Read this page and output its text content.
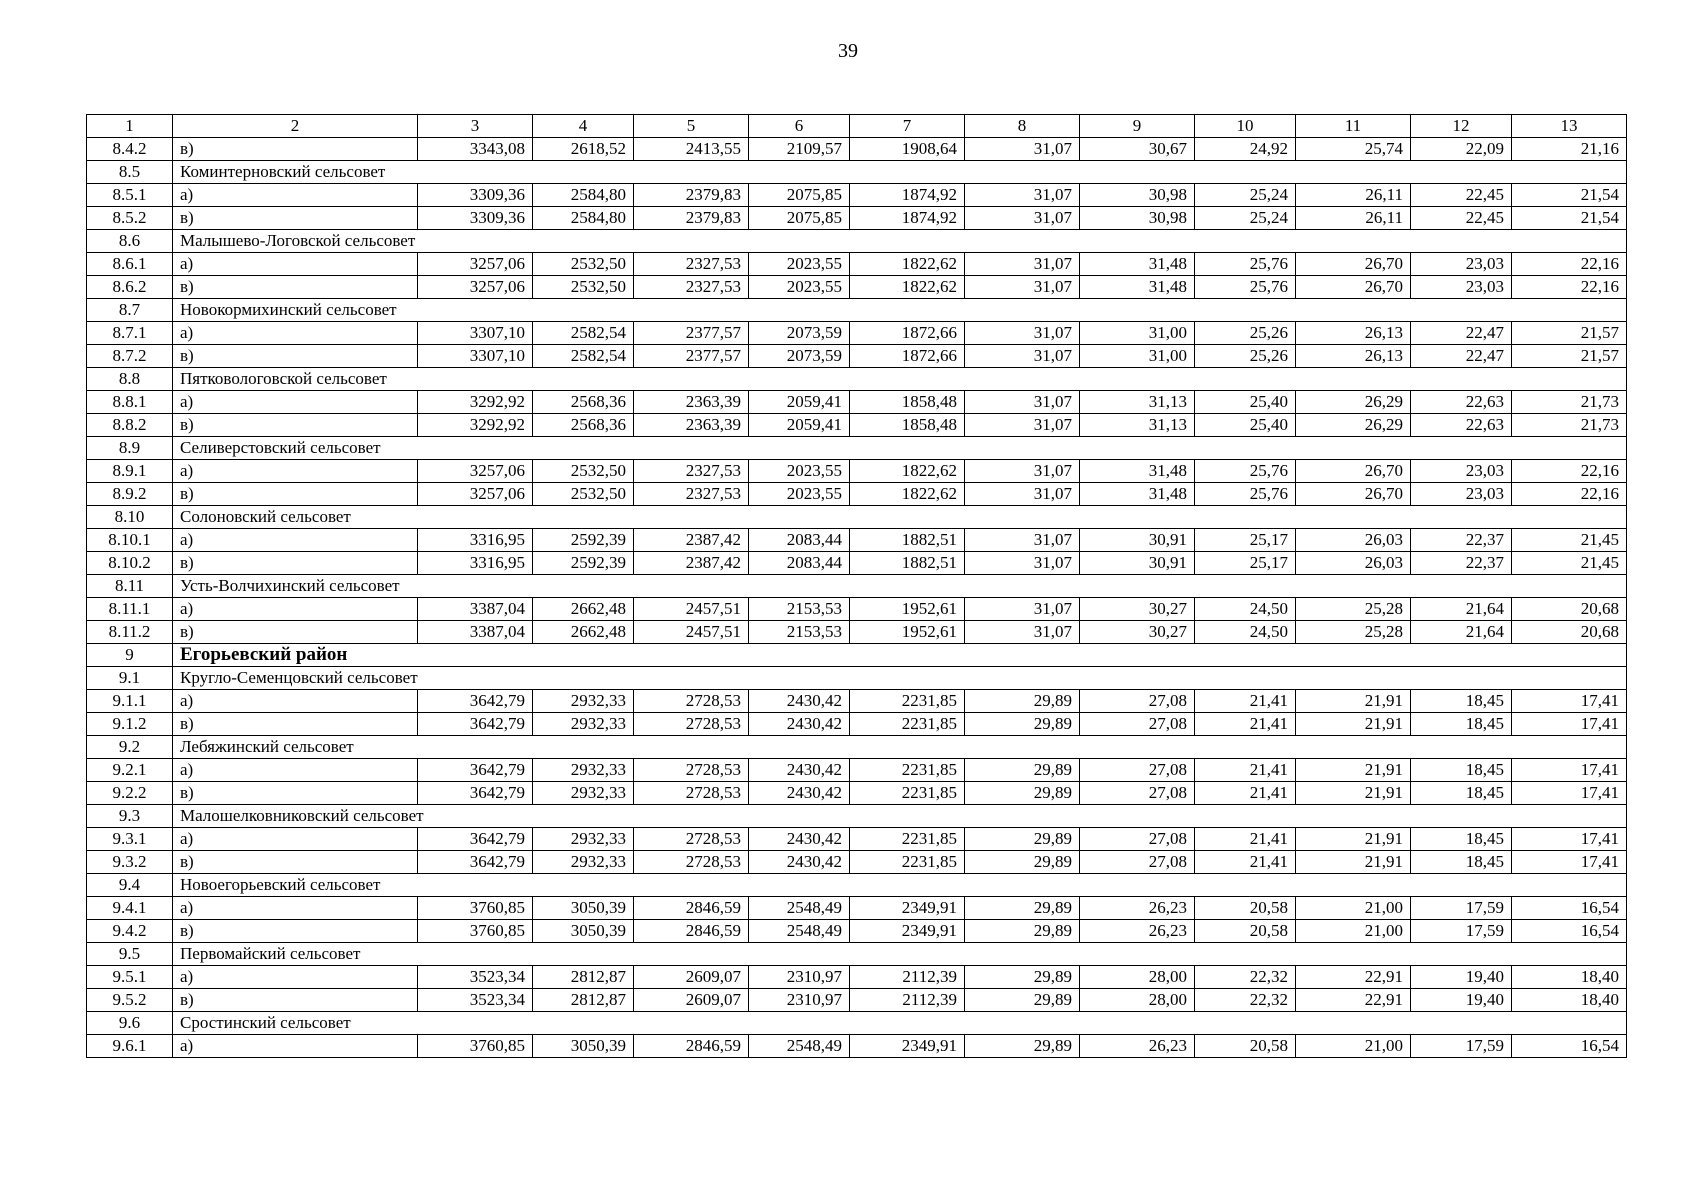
39
1	2	3	4	5	6	7	8	9	10	11	12	13
8.4.2	в)	3343,08	2618,52	2413,55	2109,57	1908,64	31,07	30,67	24,92	25,74	22,09	21,16
8.5	Коминтерновский сельсовет											
8.5.1	а)	3309,36	2584,80	2379,83	2075,85	1874,92	31,07	30,98	25,24	26,11	22,45	21,54
8.5.2	в)	3309,36	2584,80	2379,83	2075,85	1874,92	31,07	30,98	25,24	26,11	22,45	21,54
8.6	Малышево-Логовской сельсовет											
8.6.1	а)	3257,06	2532,50	2327,53	2023,55	1822,62	31,07	31,48	25,76	26,70	23,03	22,16
8.6.2	в)	3257,06	2532,50	2327,53	2023,55	1822,62	31,07	31,48	25,76	26,70	23,03	22,16
8.7	Новокормихинский сельсовет											
8.7.1	а)	3307,10	2582,54	2377,57	2073,59	1872,66	31,07	31,00	25,26	26,13	22,47	21,57
8.7.2	в)	3307,10	2582,54	2377,57	2073,59	1872,66	31,07	31,00	25,26	26,13	22,47	21,57
8.8	Пятковологовской сельсовет											
8.8.1	а)	3292,92	2568,36	2363,39	2059,41	1858,48	31,07	31,13	25,40	26,29	22,63	21,73
8.8.2	в)	3292,92	2568,36	2363,39	2059,41	1858,48	31,07	31,13	25,40	26,29	22,63	21,73
8.9	Селиверстовский сельсовет											
8.9.1	а)	3257,06	2532,50	2327,53	2023,55	1822,62	31,07	31,48	25,76	26,70	23,03	22,16
8.9.2	в)	3257,06	2532,50	2327,53	2023,55	1822,62	31,07	31,48	25,76	26,70	23,03	22,16
8.10	Солоновский сельсовет											
8.10.1	а)	3316,95	2592,39	2387,42	2083,44	1882,51	31,07	30,91	25,17	26,03	22,37	21,45
8.10.2	в)	3316,95	2592,39	2387,42	2083,44	1882,51	31,07	30,91	25,17	26,03	22,37	21,45
8.11	Усть-Волчихинский сельсовет											
8.11.1	а)	3387,04	2662,48	2457,51	2153,53	1952,61	31,07	30,27	24,50	25,28	21,64	20,68
8.11.2	в)	3387,04	2662,48	2457,51	2153,53	1952,61	31,07	30,27	24,50	25,28	21,64	20,68
9	Егорьевский район											
9.1	Кругло-Семенцовский сельсовет											
9.1.1	а)	3642,79	2932,33	2728,53	2430,42	2231,85	29,89	27,08	21,41	21,91	18,45	17,41
9.1.2	в)	3642,79	2932,33	2728,53	2430,42	2231,85	29,89	27,08	21,41	21,91	18,45	17,41
9.2	Лебяжинский сельсовет											
9.2.1	а)	3642,79	2932,33	2728,53	2430,42	2231,85	29,89	27,08	21,41	21,91	18,45	17,41
9.2.2	в)	3642,79	2932,33	2728,53	2430,42	2231,85	29,89	27,08	21,41	21,91	18,45	17,41
9.3	Малошелковниковский сельсовет											
9.3.1	а)	3642,79	2932,33	2728,53	2430,42	2231,85	29,89	27,08	21,41	21,91	18,45	17,41
9.3.2	в)	3642,79	2932,33	2728,53	2430,42	2231,85	29,89	27,08	21,41	21,91	18,45	17,41
9.4	Новоегорьевский сельсовет											
9.4.1	а)	3760,85	3050,39	2846,59	2548,49	2349,91	29,89	26,23	20,58	21,00	17,59	16,54
9.4.2	в)	3760,85	3050,39	2846,59	2548,49	2349,91	29,89	26,23	20,58	21,00	17,59	16,54
9.5	Первомайский сельсовет											
9.5.1	а)	3523,34	2812,87	2609,07	2310,97	2112,39	29,89	28,00	22,32	22,91	19,40	18,40
9.5.2	в)	3523,34	2812,87	2609,07	2310,97	2112,39	29,89	28,00	22,32	22,91	19,40	18,40
9.6	Сростинский сельсовет											
9.6.1	а)	3760,85	3050,39	2846,59	2548,49	2349,91	29,89	26,23	20,58	21,00	17,59	16,54
